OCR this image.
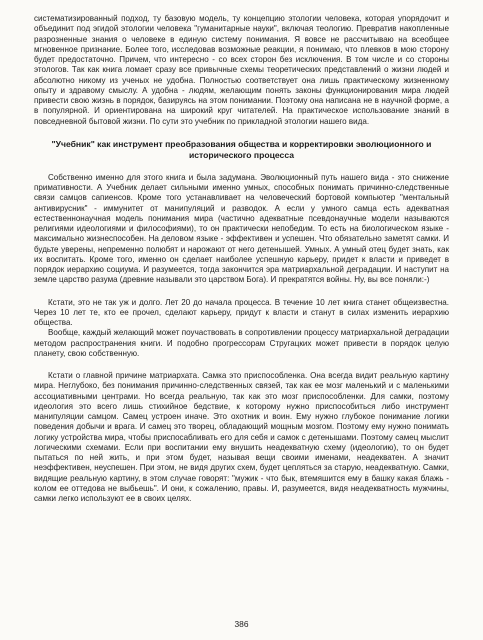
систематизированный подход, ту базовую модель, ту концепцию этологии человека, которая упорядочит и объединит под эгидой этологии человека "гуманитарные науки", включая теологию. Превратив накопленные разрозненные знания о человеке в единую систему понимания. Я вовсе не рассчитываю на всеобщее мгновенное признание. Более того, исследовав возможные реакции, я понимаю, что плевков в мою сторону будет предостаточно. Причем, что интересно - со всех сторон без исключения. В том числе и со стороны этологов. Так как книга ломает сразу все привычные схемы теоретических представлений о жизни людей и абсолютно никому из ученых не удобна. Полностью соответствует она лишь практическому жизненному опыту и здравому смыслу. А удобна - людям, желающим понять законы функционирования мира людей привести свою жизнь в порядок, базируясь на этом понимании. Поэтому она написана не в научной форме, а в популярной. И ориентирована на широкий круг читателей. На практическое использование знаний в повседневной бытовой жизни. По сути это учебник по прикладной этологии нашего вида.

"Учебник" как инструмент преобразования общества и корректировки эволюционного и исторического процесса

Собственно именно для этого книга и была задумана. Эволюционный путь нашего вида - это снижение примативности. А Учебник делает сильными именно умных, способных понимать причинно-следственные связи самцов сапиенсов. Кроме того устанавливает на человеческий бортовой компьютер "ментальный антивирусник" - иммунитет от манипуляций и разводок. А если у умного самца есть адекватная естественнонаучная модель понимания мира (частично адекватные псевдонаучные модели называются религиями идеологиями и философиями), то он практически непобедим. То есть на биологическом языке - максимально жизнеспособен. На деловом языке - эффективен и успешен. Что обязательно заметят самки. И будьте уверены, непременно полюбят и нарожают от него детенышей. Умных. А умный отец будет знать, как их воспитать. Кроме того, именно он сделает наиболее успешную карьеру, придет к власти и приведет в порядок иерархию социума. И разумеется, тогда закончится эра матриархальной деградации. И наступит на земле царство разума (древние называли это царством Бога). И прекратятся войны. Ну, вы все поняли:-)

Кстати, это не так уж и долго. Лет 20 до начала процесса. В течение 10 лет книга станет общеизвестна. Через 10 лет те, кто ее прочел, сделают карьеру, придут к власти и станут в силах изменить иерархию общества.

Вообще, каждый желающий может поучаствовать в сопротивлении процессу матриархальной деградации методом распространения книги. И подобно прогрессорам Стругацких может привести в порядок целую планету, свою собственную.

Кстати о главной причине матриархата. Самка это приспособленка. Она всегда видит реальную картину мира. Неглубоко, без понимания причинно-следственных связей, так как ее мозг маленький и с маленькими ассоциативными центрами. Но всегда реальную, так как это мозг приспособленки. Для самки, поэтому идеология это всего лишь стихийное бедствие, к которому нужно приспособиться либо инструмент манипуляции самцом. Самец устроен иначе. Это охотник и воин. Ему нужно глубокое понимание логики поведения добычи и врага. И самец это творец, обладающий мощным мозгом. Поэтому ему нужно понимать логику устройства мира, чтобы приспосабливать его для себя и самок с детенышами. Поэтому самец мыслит логическими схемами. Если при воспитании ему внушить неадекватную схему (идеологию), то он будет пытаться по ней жить, и при этом будет, называя вещи своими именами, неадекватен. А значит неэффективен, неуспешен. При этом, не видя других схем, будет цепляться за старую, неадекватную. Самки, видящие реальную картину, в этом случае говорят: "мужик - что бык, втемяшится ему в башку какая блажь - колом ее оттедова не выбьешь". И они, к сожалению, правы. И, разумеется, видя неадекватность мужчины, самки легко используют ее в своих целях.

386
